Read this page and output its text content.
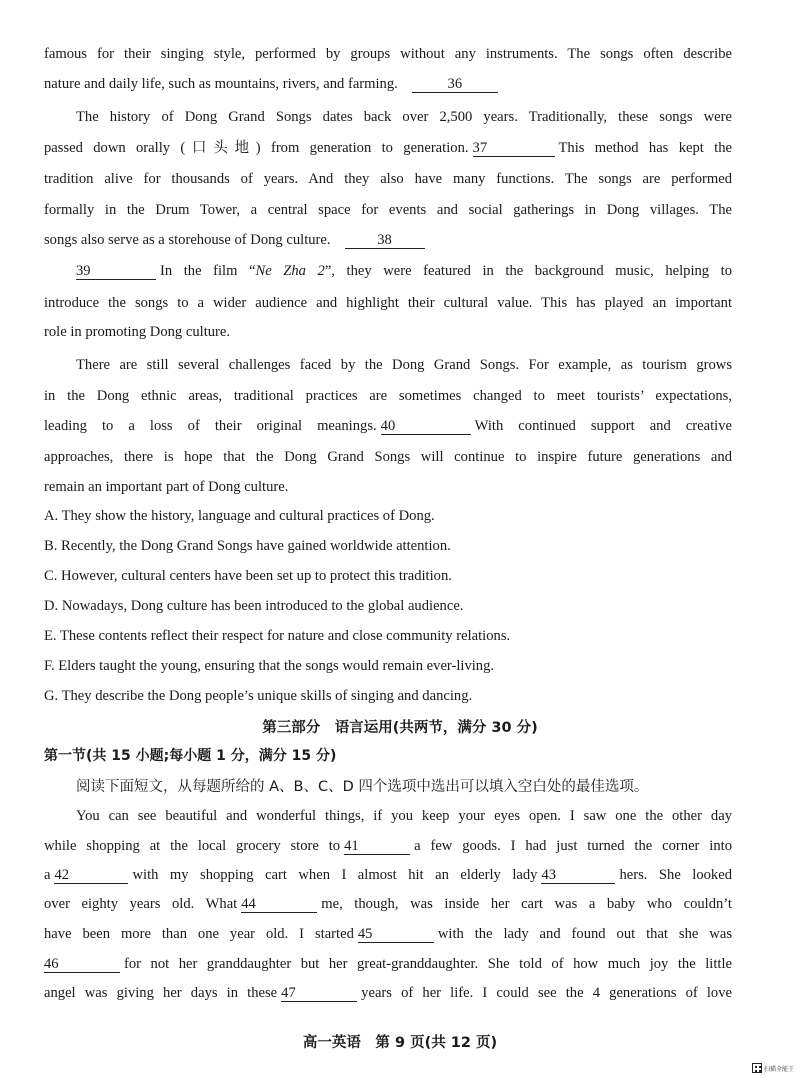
famous for their singing style, performed by groups without any instruments. The songs often describe
nature and daily life, such as mountains, rivers, and farming.	36
The history of Dong Grand Songs dates back over 2,500 years. Traditionally, these songs were
passed down orally (口头地) from generation to generation. 37	This method has kept the
tradition alive for thousands of years. And they also have many functions. The songs are performed
formally in the Drum Tower, a central space for events and social gatherings in Dong villages. The
songs also serve as a storehouse of Dong culture.	38
39	In the film “Ne Zha 2”, they were featured in the background music, helping to
introduce the songs to a wider audience and highlight their cultural value. This has played an important
role in promoting Dong culture.
There are still several challenges faced by the Dong Grand Songs. For example, as tourism grows
in the Dong ethnic areas, traditional practices are sometimes changed to meet tourists’ expectations,
leading to a loss of their original meanings. 40	With continued support and creative
approaches, there is hope that the Dong Grand Songs will continue to inspire future generations and
remain an important part of Dong culture.
A. They show the history, language and cultural practices of Dong.
B. Recently, the Dong Grand Songs have gained worldwide attention.
C. However, cultural centers have been set up to protect this tradition.
D. Nowadays, Dong culture has been introduced to the global audience.
E. These contents reflect their respect for nature and close community relations.
F. Elders taught the young, ensuring that the songs would remain ever-living.
G. They describe the Dong people’s unique skills of singing and dancing.
第三部分　语言运用(共两节，满分 30 分)
第一节(共 15 小题;每小题 1 分，满分 15 分)
阅读下面短文，从每题所给的 A、B、C、D 四个选项中选出可以填入空白处的最佳选项。
You can see beautiful and wonderful things, if you keep your eyes open. I saw one the other day
while shopping at the local grocery store to 41	a few goods. I had just turned the corner into
a 42	with my shopping cart when I almost hit an elderly lady 43	hers. She looked
over eighty years old. What 44	me, though, was inside her cart was a baby who couldn’t
have been more than one year old. I started 45	with the lady and found out that she was
46	for not her granddaughter but her great-granddaughter. She told of how much joy the little
angel was giving her days in these 47	years of her life. I could see the 4 generations of love
高一英语　第 9 页(共 12 页)
扫描全能王
